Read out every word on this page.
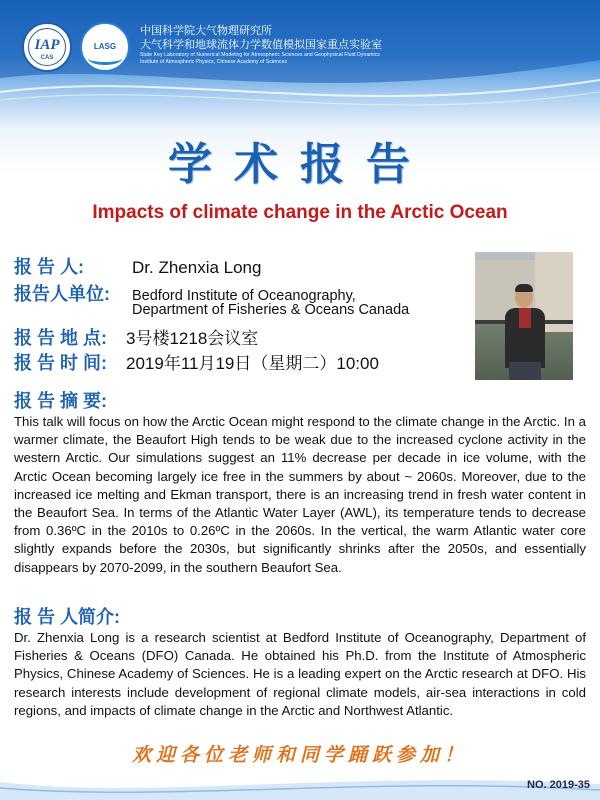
IAP
CAS
LASG
中国科学院大气物理研究所
大气科学和地球流体力学数值模拟国家重点实验室
State Key Laboratory of Numerical Modeling for Atmospheric Sciences and Geophysical Fluid Dynamics
Institute of Atmospheric Physics, Chinese Academy of Sciences
学术报告
Impacts of climate change in the Arctic Ocean
报 告 人:	Dr. Zhenxia Long
报告人单位: Bedford Institute of Oceanography,
Department of Fisheries & Oceans Canada
报 告 地 点: 3号楼1218会议室
报 告 时 间: 2019年11月19日（星期二）10:00
报 告 摘 要:
This talk will focus on how the Arctic Ocean might respond to the climate change in the Arctic. In a warmer climate, the Beaufort High tends to be weak due to the increased cyclone activity in the western Arctic. Our simulations suggest an 11% decrease per decade in ice volume, with the Arctic Ocean becoming largely ice free in the summers by about ~ 2060s. Moreover, due to the increased ice melting and Ekman transport, there is an increasing trend in fresh water content in the Beaufort Sea. In terms of the Atlantic Water Layer (AWL), its temperature tends to decrease from 0.36ºC in the 2010s to 0.26ºC in the 2060s. In the vertical, the warm Atlantic water core slightly expands before the 2030s, but significantly shrinks after the 2050s, and essentially disappears by 2070-2099, in the southern Beaufort Sea.
报 告 人简介:
Dr. Zhenxia Long is a research scientist at Bedford Institute of Oceanography, Department of Fisheries & Oceans (DFO) Canada. He obtained his Ph.D. from the Institute of Atmospheric Physics, Chinese Academy of Sciences. He is a leading expert on the Arctic research at DFO. His research interests include development of regional climate models, air-sea interactions in cold regions, and impacts of climate change in the Arctic and Northwest Atlantic.
欢迎各位老师和同学踊跃参加！
NO. 2019-35
